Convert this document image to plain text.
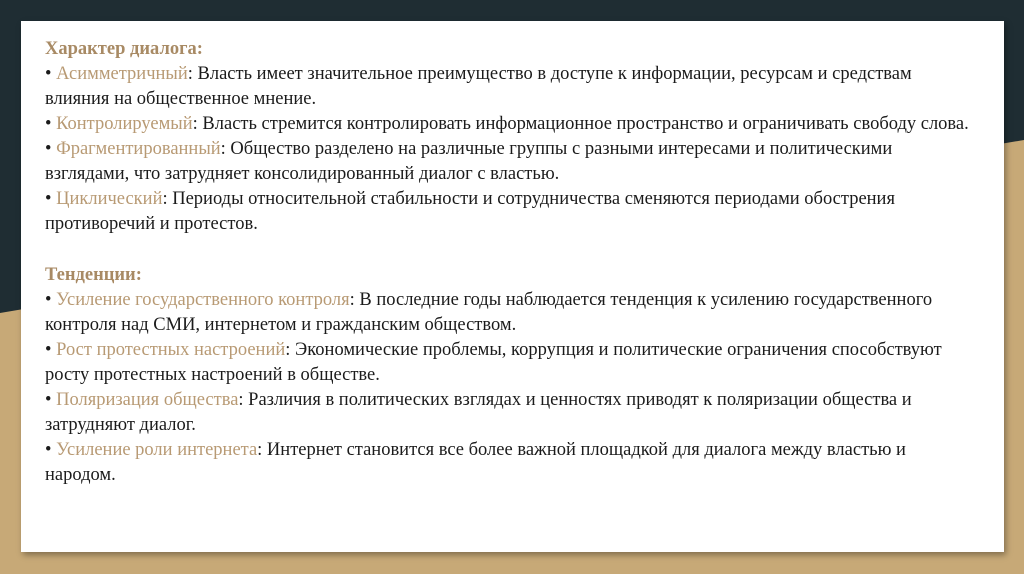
Характер диалога:

• Асимметричный: Власть имеет значительное преимущество в доступе к информации, ресурсам и средствам влияния на общественное мнение.

• Контролируемый: Власть стремится контролировать информационное пространство и ограничивать свободу слова.

• Фрагментированный: Общество разделено на различные группы с разными интересами и политическими взглядами, что затрудняет консолидированный диалог с властью.

• Циклический: Периоды относительной стабильности и сотрудничества сменяются периодами обострения противоречий и протестов.

Тенденции:

• Усиление государственного контроля: В последние годы наблюдается тенденция к усилению государственного контроля над СМИ, интернетом и гражданским обществом.

• Рост протестных настроений: Экономические проблемы, коррупция и политические ограничения способствуют росту протестных настроений в обществе.

• Поляризация общества: Различия в политических взглядах и ценностях приводят к поляризации общества и затрудняют диалог.

• Усиление роли интернета: Интернет становится все более важной площадкой для диалога между властью и народом.
